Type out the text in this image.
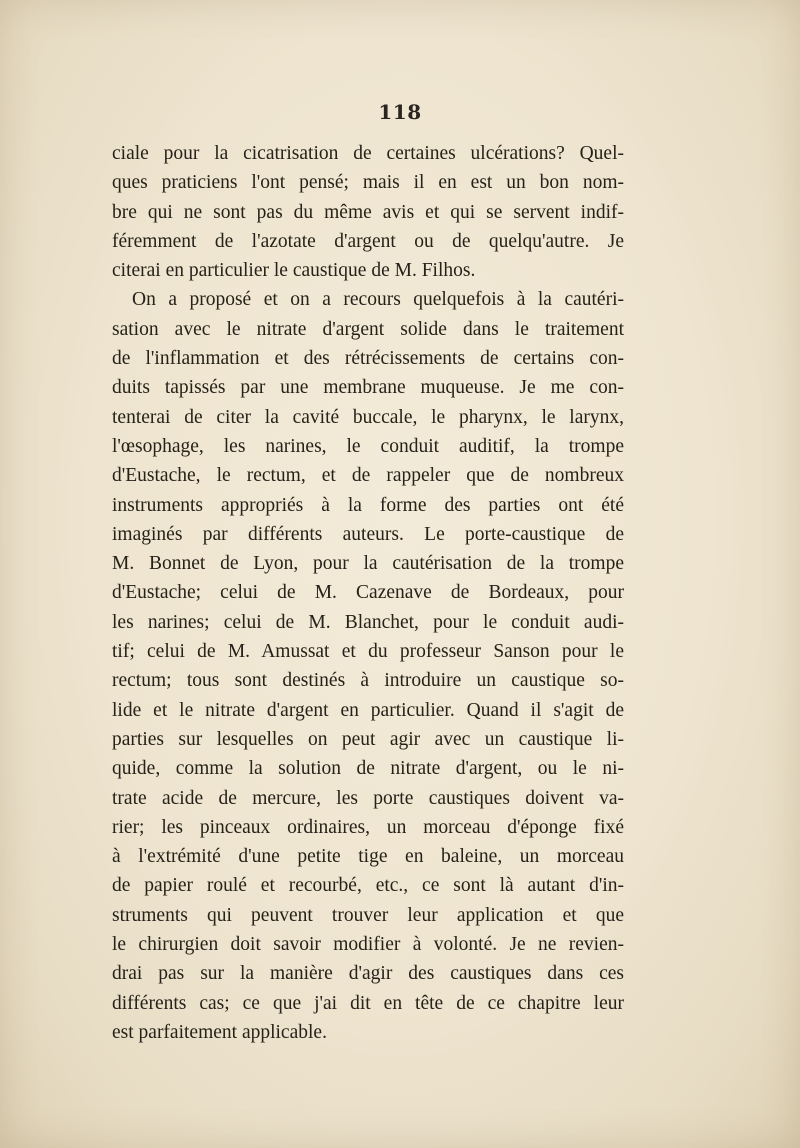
118
ciale pour la cicatrisation de certaines ulcérations? Quel-
ques praticiens l'ont pensé; mais il en est un bon nom-
bre qui ne sont pas du même avis et qui se servent indif-
féremment de l'azotate d'argent ou de quelqu'autre. Je
citerai en particulier le caustique de M. Filhos.
On a proposé et on a recours quelquefois à la cautéri-
sation avec le nitrate d'argent solide dans le traitement
de l'inflammation et des rétrécissements de certains con-
duits tapissés par une membrane muqueuse. Je me con-
tenterai de citer la cavité buccale, le pharynx, le larynx,
l'œsophage, les narines, le conduit auditif, la trompe
d'Eustache, le rectum, et de rappeler que de nombreux
instruments appropriés à la forme des parties ont été
imaginés par différents auteurs. Le porte-caustique de
M. Bonnet de Lyon, pour la cautérisation de la trompe
d'Eustache; celui de M. Cazenave de Bordeaux, pour
les narines; celui de M. Blanchet, pour le conduit audi-
tif; celui de M. Amussat et du professeur Sanson pour le
rectum; tous sont destinés à introduire un caustique so-
lide et le nitrate d'argent en particulier. Quand il s'agit de
parties sur lesquelles on peut agir avec un caustique li-
quide, comme la solution de nitrate d'argent, ou le ni-
trate acide de mercure, les porte caustiques doivent va-
rier; les pinceaux ordinaires, un morceau d'éponge fixé
à l'extrémité d'une petite tige en baleine, un morceau
de papier roulé et recourbé, etc., ce sont là autant d'in-
struments qui peuvent trouver leur application et que
le chirurgien doit savoir modifier à volonté. Je ne revien-
drai pas sur la manière d'agir des caustiques dans ces
différents cas; ce que j'ai dit en tête de ce chapitre leur
est parfaitement applicable.
